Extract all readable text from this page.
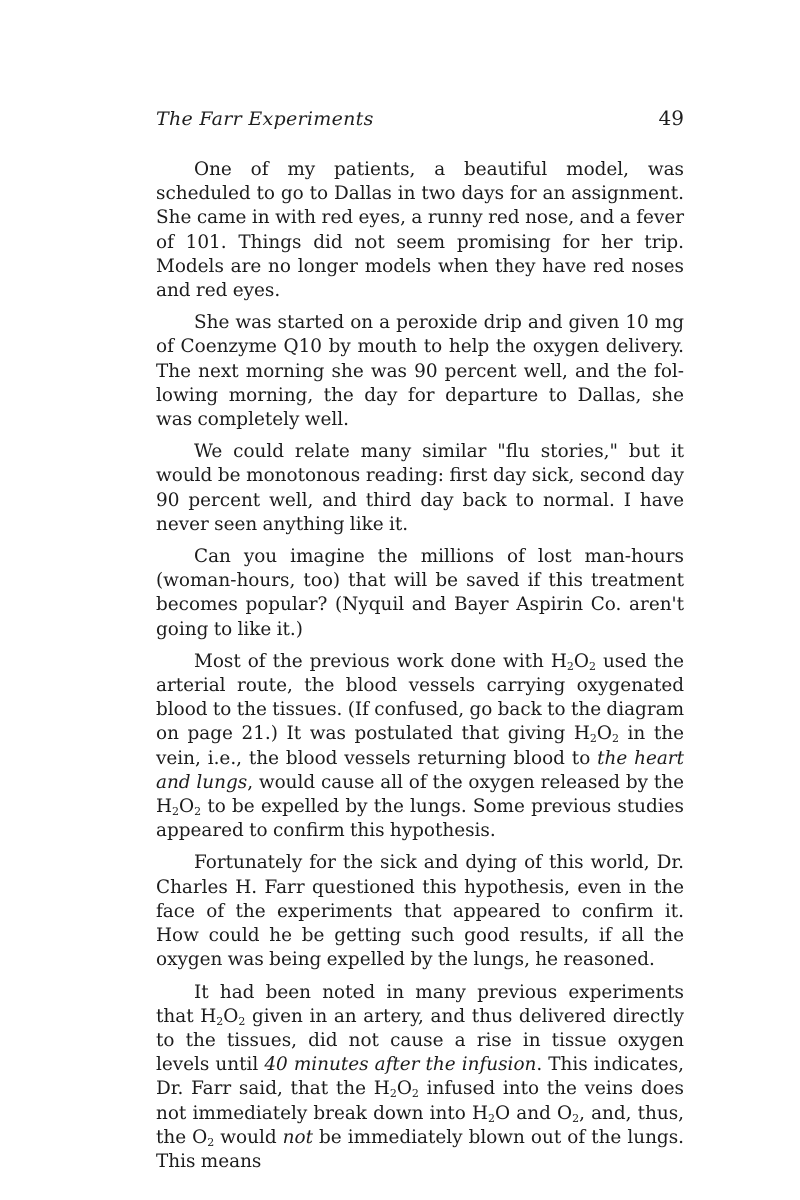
The Farr Experiments	49

One of my patients, a beautiful model, was scheduled to go to Dallas in two days for an assignment. She came in with red eyes, a runny red nose, and a fever of 101. Things did not seem promising for her trip. Models are no longer models when they have red noses and red eyes.

She was started on a peroxide drip and given 10 mg of Coenzyme Q10 by mouth to help the oxygen delivery. The next morning she was 90 percent well, and the following morning, the day for departure to Dallas, she was completely well.

We could relate many similar "flu stories," but it would be monotonous reading: first day sick, second day 90 percent well, and third day back to normal. I have never seen anything like it.

Can you imagine the millions of lost man-hours (woman-hours, too) that will be saved if this treatment becomes popular? (Nyquil and Bayer Aspirin Co. aren't going to like it.)

Most of the previous work done with $H_2O_2$ used the arterial route, the blood vessels carrying oxygenated blood to the tissues. (If confused, go back to the diagram on page 21.) It was postulated that giving $H_2O_2$ in the vein, i.e., the blood vessels returning blood to the heart and lungs, would cause all of the oxygen released by the $H_2O_2$ to be expelled by the lungs. Some previous studies appeared to confirm this hypothesis.

Fortunately for the sick and dying of this world, Dr. Charles H. Farr questioned this hypothesis, even in the face of the experiments that appeared to confirm it. How could he be getting such good results, if all the oxygen was being expelled by the lungs, he reasoned.

It had been noted in many previous experiments that $H_2O_2$ given in an artery, and thus delivered directly to the tissues, did not cause a rise in tissue oxygen levels until 40 minutes after the infusion. This indicates, Dr. Farr said, that the $H_2O_2$ infused into the veins does not immediately break down into $H_2O$ and $O_2$, and, thus, the $O_2$ would not be immediately blown out of the lungs. This means
